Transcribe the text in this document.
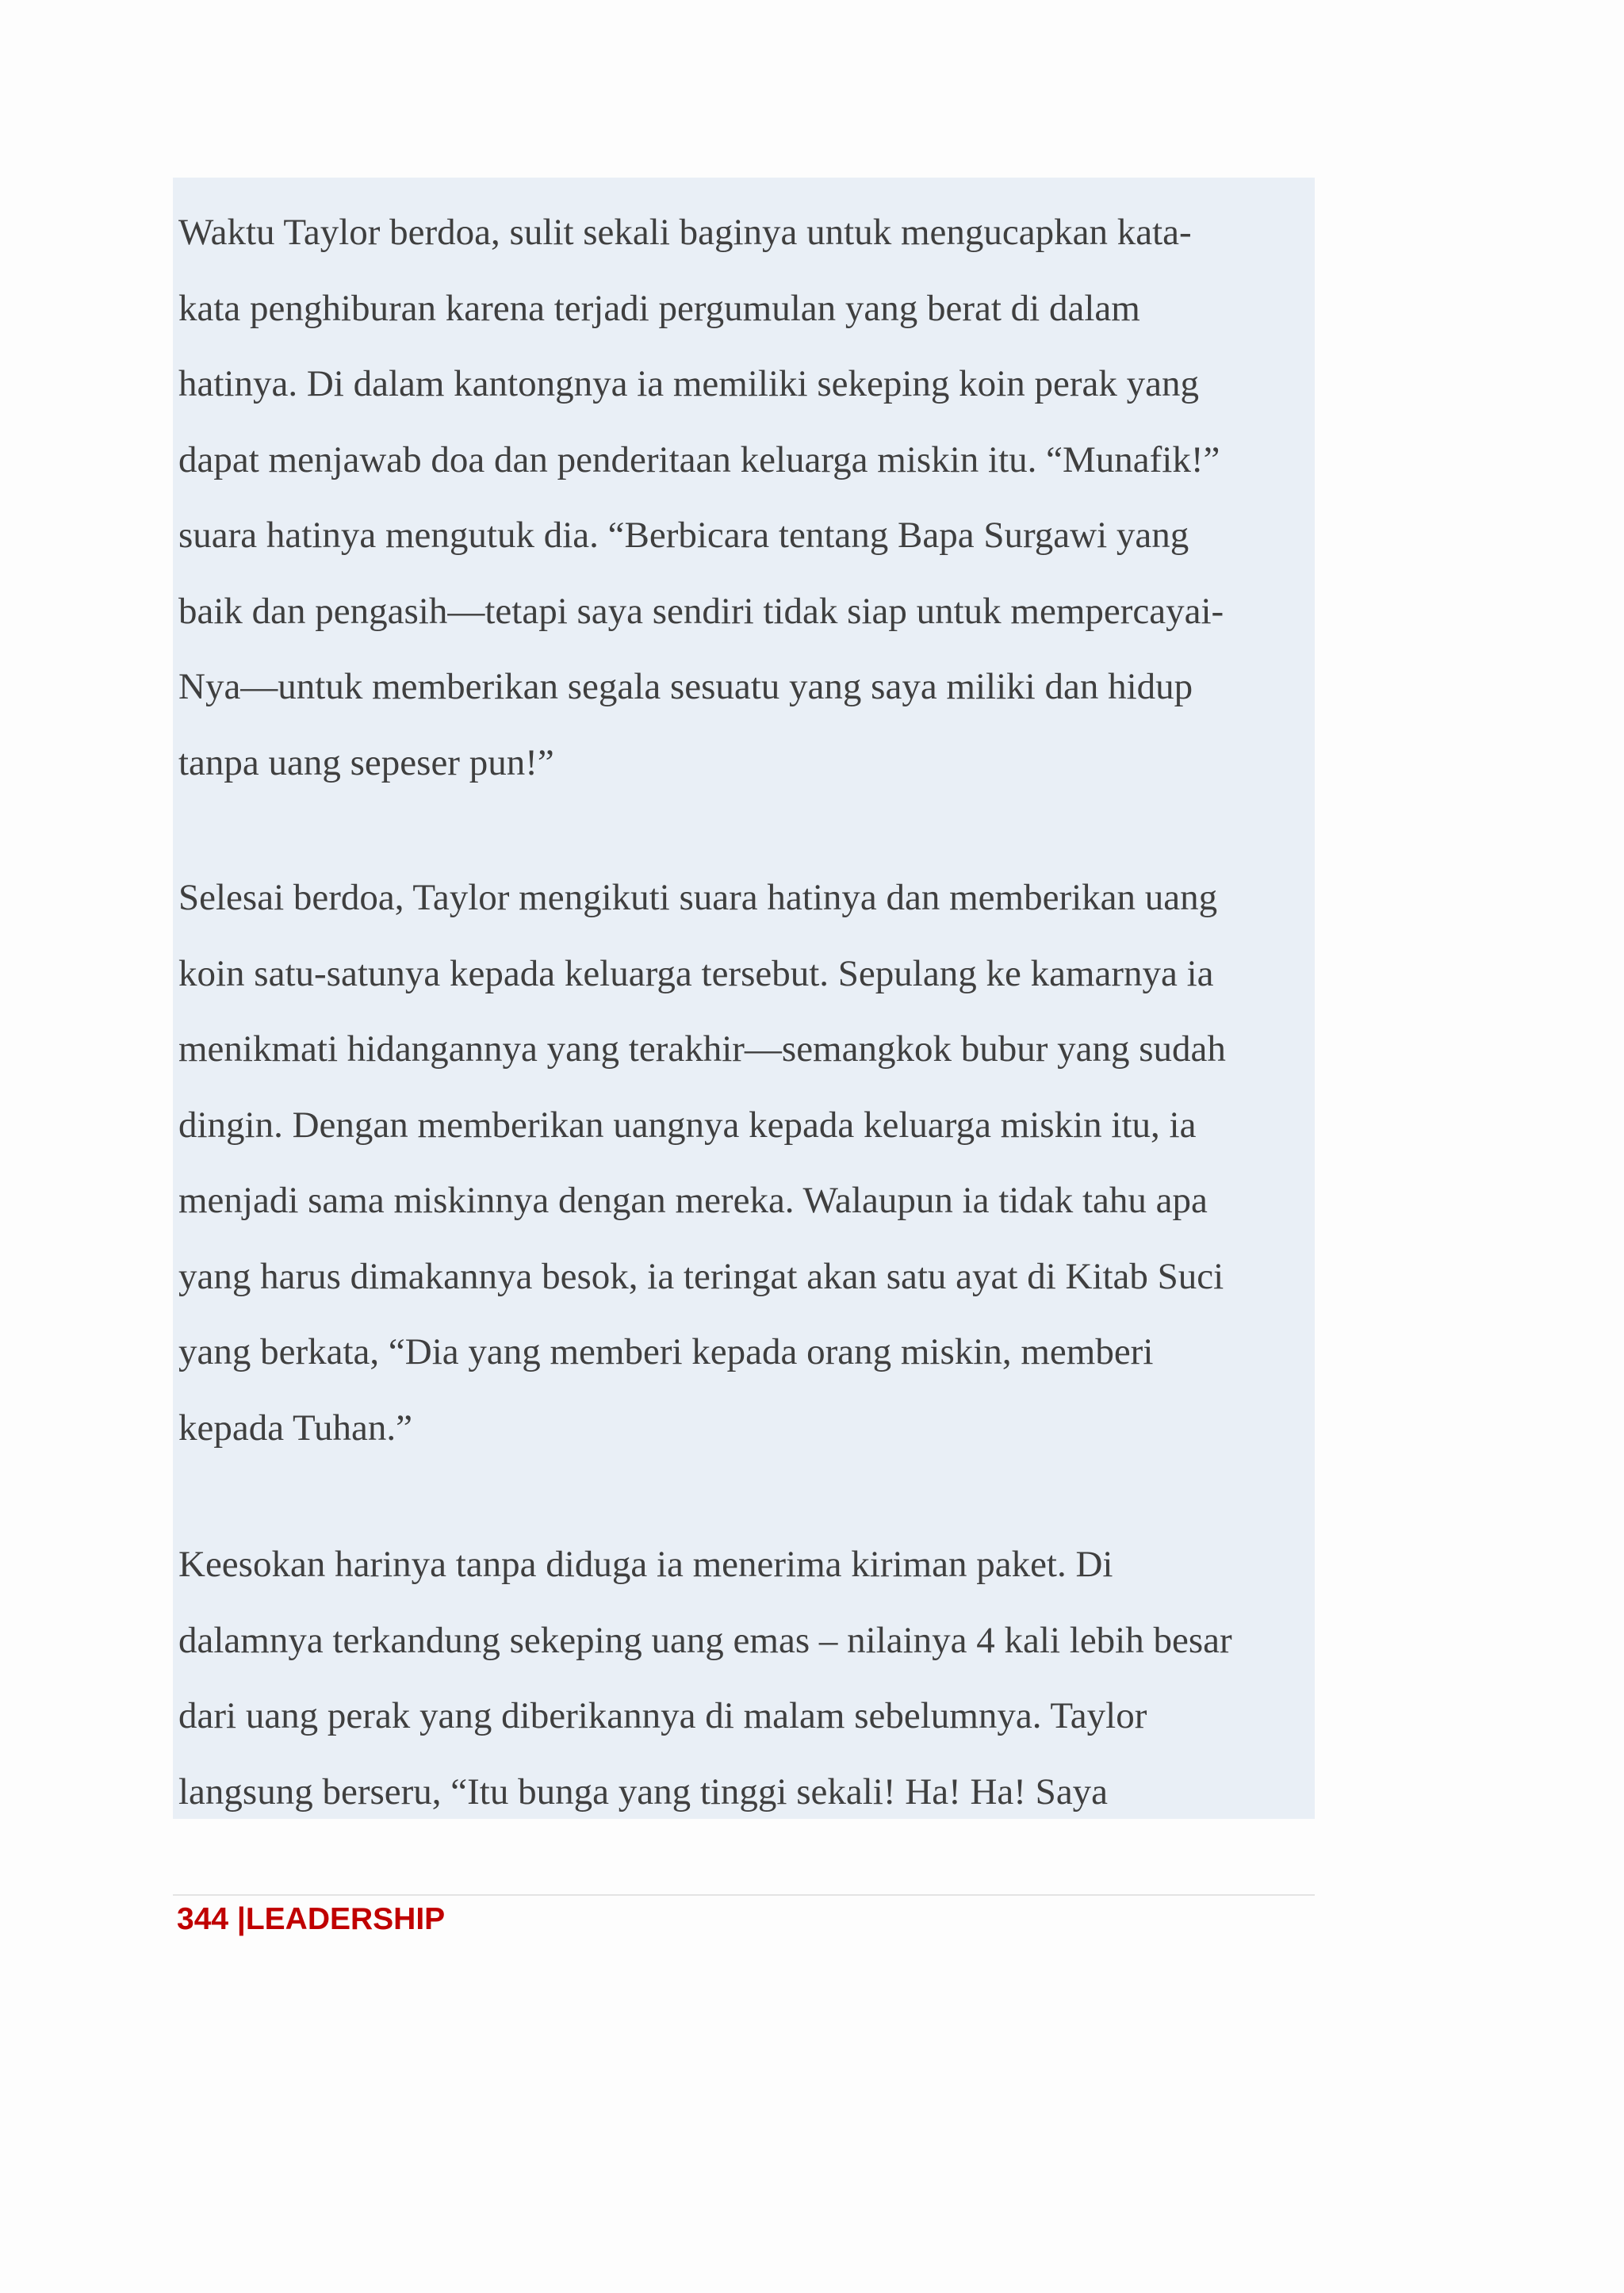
Waktu Taylor berdoa, sulit sekali baginya untuk mengucapkan kata-
kata penghiburan karena terjadi pergumulan yang berat di dalam
hatinya. Di dalam kantongnya ia memiliki sekeping koin perak yang
dapat menjawab doa dan penderitaan keluarga miskin itu. “Munafik!”
suara hatinya mengutuk dia. “Berbicara tentang Bapa Surgawi yang
baik dan pengasih—tetapi saya sendiri tidak siap untuk mempercayai-
Nya—untuk memberikan segala sesuatu yang saya miliki dan hidup
tanpa uang sepeser pun!”

Selesai berdoa, Taylor mengikuti suara hatinya dan memberikan uang
koin satu-satunya kepada keluarga tersebut. Sepulang ke kamarnya ia
menikmati hidangannya yang terakhir—semangkok bubur yang sudah
dingin. Dengan memberikan uangnya kepada keluarga miskin itu, ia
menjadi sama miskinnya dengan mereka. Walaupun ia tidak tahu apa
yang harus dimakannya besok, ia teringat akan satu ayat di Kitab Suci
yang berkata, “Dia yang memberi kepada orang miskin, memberi
kepada Tuhan.”

Keesokan harinya tanpa diduga ia menerima kiriman paket. Di
dalamnya terkandung sekeping uang emas – nilainya 4 kali lebih besar
dari uang perak yang diberikannya di malam sebelumnya. Taylor
langsung berseru, “Itu bunga yang tinggi sekali! Ha! Ha! Saya

344 |LEADERSHIP
